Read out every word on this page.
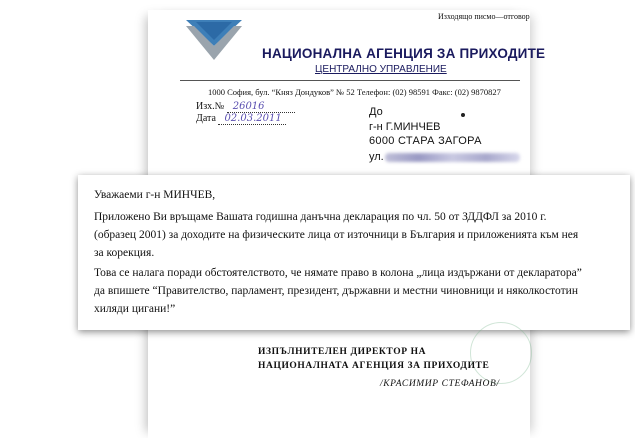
Изходящо писмо—отговор
НАЦИОНАЛНА АГЕНЦИЯ ЗА ПРИХОДИТЕ
ЦЕНТРАЛНО УПРАВЛЕНИЕ
1000 София, бул. “Княз Дондуков” № 52 Телефон: (02) 98591 Факс: (02) 9870827
Изх.№ 26016
Дата 02.03.2011
До
г-н Г.МИНЧЕВ
6000 СТАРА ЗАГОРА
ул.
Уважаеми г-н МИНЧЕВ,
Приложено Ви връщаме Вашата годишна данъчна декларация по чл. 50 от ЗДДФЛ за 2010 г.
(образец 2001) за доходите на физическите лица от източници в България и приложенията към нея
за корекция.
Това се налага поради обстоятелството, че нямате право в колона „лица издържани от декларатора”
да впишете “Правителство, парламент, президент, държавни и местни чиновници и няколкостотин
хиляди цигани!”
ИЗПЪЛНИТЕЛЕН ДИРЕКТОР НА
НАЦИОНАЛНАТА АГЕНЦИЯ ЗА ПРИХОДИТЕ
/КРАСИМИР СТЕФАНОВ/
